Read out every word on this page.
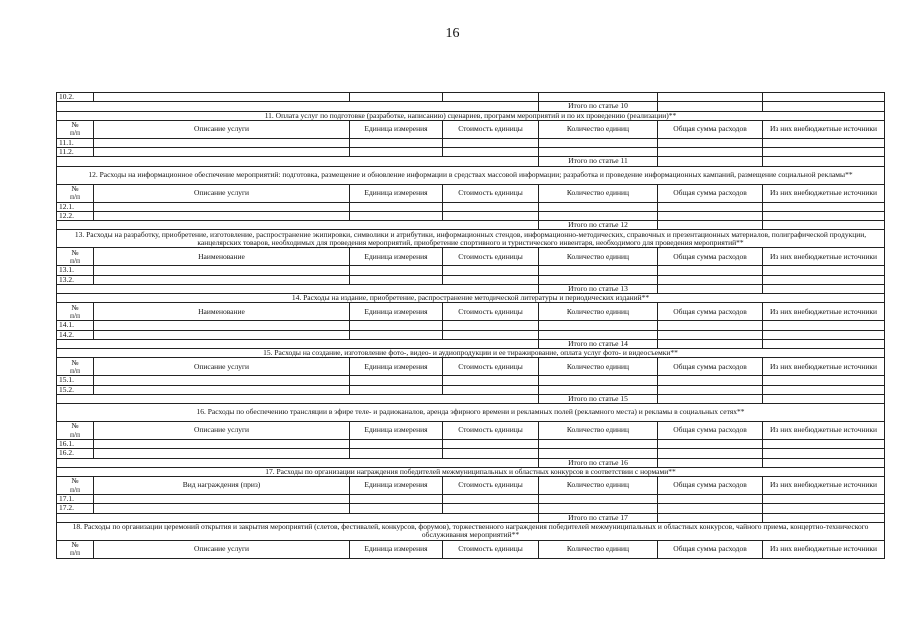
16
10.2.						
				Итого по статье 10		
11. Оплата услуг по подготовке (разработке, написанию) сценариев, программ мероприятий и по их проведению (реализации)**						
№
п/п	Описание услуги	Единица измерения	Стоимость единицы	Количество единиц	Общая сумма расходов	Из них внебюджетные источники
11.1.						
11.2.						
				Итого по статье 11		
12. Расходы на информационное обеспечение мероприятий: подготовка, размещение и обновление информации в средствах массовой информации; разработка и проведение информационных кампаний, размещение социальной рекламы**						
№
п/п	Описание услуги	Единица измерения	Стоимость единицы	Количество единиц	Общая сумма расходов	Из них внебюджетные источники
12.1.						
12.2.						
				Итого по статье 12		
13. Расходы на разработку, приобретение, изготовление, распространение экипировки, символики и атрибутики, информационных стендов, информационно-методических, справочных и презентационных материалов, полиграфической продукции, канцелярских товаров, необходимых для проведения мероприятий, приобретение спортивного и туристического инвентаря, необходимого для проведения мероприятий**						
№
п/п	Наименование	Единица измерения	Стоимость единицы	Количество единиц	Общая сумма расходов	Из них внебюджетные источники
13.1.						
13.2.						
				Итого по статье 13		
14. Расходы на издание, приобретение, распространение методической литературы и периодических изданий**						
№
п/п	Наименование	Единица измерения	Стоимость единицы	Количество единиц	Общая сумма расходов	Из них внебюджетные источники
14.1.						
14.2.						
				Итого по статье 14		
15. Расходы на создание, изготовление фото-, видео- и аудиопродукции и ее тиражирование, оплата услуг фото- и видеосъемки**						
№
п/п	Описание услуги	Единица измерения	Стоимость единицы	Количество единиц	Общая сумма расходов	Из них внебюджетные источники
15.1.						
15.2.						
				Итого по статье 15		
16. Расходы по обеспечению трансляции в эфире теле- и радиоканалов, аренда эфирного времени и рекламных полей (рекламного места) и рекламы в социальных сетях**						
№
п/п	Описание услуги	Единица измерения	Стоимость единицы	Количество единиц	Общая сумма расходов	Из них внебюджетные источники
16.1.						
16.2.						
				Итого по статье 16		
17. Расходы по организации награждения победителей межмуниципальных и областных конкурсов в соответствии с нормами**						
№
п/п	Вид награждения (приз)	Единица измерения	Стоимость единицы	Количество единиц	Общая сумма расходов	Из них внебюджетные источники
17.1.						
17.2.						
				Итого по статье 17		
18. Расходы по организации церемоний открытия и закрытия мероприятий (слетов, фестивалей, конкурсов, форумов), торжественного награждения победителей межмуниципальных и областных конкурсов, чайного приема, концертно-технического обслуживания мероприятий**						
№
п/п	Описание услуги	Единица измерения	Стоимость единицы	Количество единиц	Общая сумма расходов	Из них внебюджетные источники
